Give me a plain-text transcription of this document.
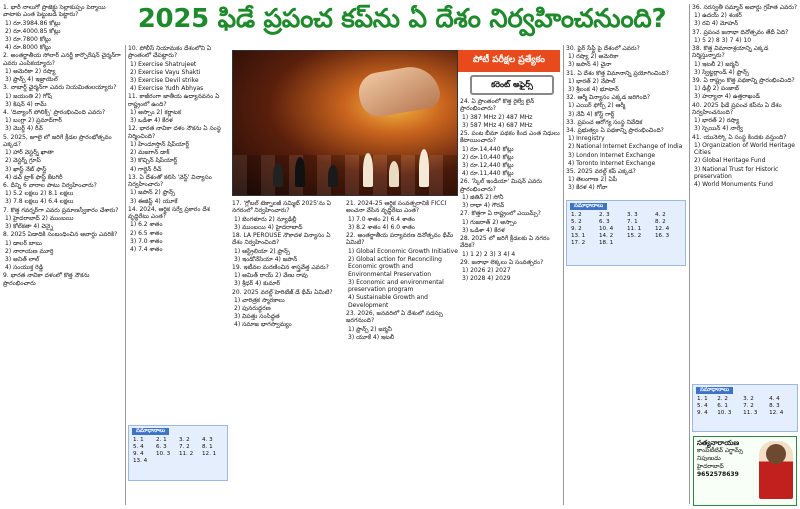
2025 ఫిడే ప్రపంచ కప్‌ను ఏ దేశం నిర్వహించనుంది?

1. భారీ నాలుగో ప్రాజెక్టు సెల్లాకుప్పం పెర్మాయి వాటాకు ఎంత పెట్టుబడి పెట్టారు?

1) రూ.3984.86 కోట్లు

2) రూ.4000.85 కోట్లు

3) రూ.7800 కోట్లు

4) రూ.8000 కోట్లు

2. అంతర్జాతీయ సోలార్ ఎనర్జీ కార్పొరేషన్ చైర్మన్‌గా ఎవరు ఎంపికయ్యారు?

1) అమెరికా 2) రష్యా

3) ఫ్రాన్స్ 4) ఇజ్రాయెల్

3. నాబార్డ్ ఛైర్మన్‌గా ఎవరు నియమితులయ్యారు?

1) జయంతి 2) గోష్

3) కిషన్ 4) రామ్

4. 'దివ్యాంగ్ పోలిక్స్' ప్రారంభించింది ఎవరు?

1) బంగ్లా 2) ప్రమాద్‌గార్

3) మొర్డ్ 4) రీవ్

5. 2025, జూలై లో జరిగే క్రీడల ప్రారంభోత్సవం ఎక్కడ?

1) హార్ వెస్టర్న్ ఖాతా

2) వెస్టర్న్ గ్రూప్

3) ఖాస్ట్ నేట్ ఫాస్ట్

4) డచ్ ట్రాక్ ఫాస్ట్ కేటగిరీ

6. దీన్ని 6 వారాల పాటు నిర్వహించారు?

1) 5.2 లక్షలు 2) 8.1 లక్షలు

3) 7.8 లక్షలు 4) 6.4 లక్షలు

7. కొత్త గవర్నర్‌గా ఎవరు ప్రమాణస్వీకారం చేశారు?

1) హైదరాబాద్ 2) ముంబయి

3) కోల్‌కతా 4) చెన్నై

8. 2025 ఏడాదికి సంబంధించిన అవార్డు ఎవరికి?

1) డాలర్ బాబు

2) నారాయణ మూర్తి

3) అనిత్ లాల్

4) సంయుక్త రెడ్డి

9. భారత నావికా దళంలో కొత్త నౌకను ప్రారంభించారు

10. పోలీస్ నియామకం దేశంలోని ఏ ప్రాంతంలో చేపట్టారు?

1) Exercise Shatrujeet

2) Exercise Vayu Shakti

3) Exercise Devil strike

4) Exercise Yudh Abhyas

11. కాజీరంగా జాతీయ ఉద్యానవనం ఏ రాష్ట్రంలో ఉంది?

1) అస్సాం 2) కర్ణాటక

3) ఒడిశా 4) కేరళ

12. భారత నావికా దళం నౌకను ఏ సంస్థ నిర్మించింది?

1) హిందూస్తాన్ షిప్‌యార్డ్

2) మజగాన్ డాక్

3) కొచ్చిన్ షిప్‌యార్డ్

4) గార్డెన్ రీచ్

13. ఏ దేశంతో కలిసి 'వెస్ట్' విన్యాసం నిర్వహించారు?

1) జపాన్ 2) ఫ్రాన్స్

3) ఈజిప్ట్ 4) యూకే

14. 2024, ఆర్థిక సర్వే ప్రకారం దేశ వృద్ధిరేటు ఎంత?

1) 6.2 శాతం

2) 6.5 శాతం

3) 7.0 శాతం

4) 7.4 శాతం

పోటీ పరీక్షల ప్రత్యేకం
కరెంట్ అఫైర్స్

17. 'గ్లోబల్ టెక్నాలజీ సమ్మిట్ 2025'ను ఏ నగరంలో నిర్వహించారు?

1) బెంగళూరు 2) న్యూఢిల్లీ

3) ముంబయి 4) హైదరాబాద్

18. LA PEROUSE నౌకాదళ విన్యాసం ఏ దేశం నిర్వహించింది?

1) ఆస్ట్రేలియా 2) ఫ్రాన్స్

3) ఇండోనేసియా 4) జపాన్

19. ఇటీవల మరణించిన శాస్త్రవేత్త ఎవరు?

1) అమిత్ రాయ్ 2) వేణు రావు

3) శ్రీధర్ 4) కుమార్

20. 2025 వరల్డ్ హెరిటేజ్ డే థీమ్ ఏమిటి?

1) చారిత్రక స్మారకాలు

2) పునరుద్ధరణ

3) విపత్తు సంసిద్ధత

4) సమాజ భాగస్వామ్యం

21. 2024-25 ఆర్థిక సంవత్సరానికి FICCI అంచనా వేసిన వృద్ధిరేటు ఎంత?

1) 7.0 శాతం 2) 6.4 శాతం

3) 8.2 శాతం 4) 6.0 శాతం

22. అంతర్జాతీయ పర్యావరణ దినోత్సవం థీమ్ ఏమిటి?

1) Global Economic Growth Initiative

2) Global action for Reconciling Economic growth and Environmental Preservation

3) Economic and environmental preservation program

4) Sustainable Growth and Development

23. 2026, జనవరిలో ఏ దేశంలో సదస్సు జరగనుంది?

1) ఫ్రాన్స్ 2) జర్మనీ

3) యూకే 4) ఇటలీ

24. ఏ ప్రాంతంలో కొత్త రైల్వే లైన్ ప్రారంభించారు?

1) 387 MHz 2) 487 MHz

3) 587 MHz 4) 687 MHz

25. పంట బీమా పథకం కింద ఎంత నిధులు కేటాయించారు?

1) రూ.14,440 కోట్లు

2) రూ.10,440 కోట్లు

3) రూ.12,440 కోట్లు

4) రూ.11,440 కోట్లు

26. 'స్కిల్ ఇండియా' మిషన్ ఎవరు ప్రారంభించారు?

1) జితిన్ 2) సోనీ

3) రాధా 4) గౌరవ్

27. కొత్తగా ఏ రాష్ట్రంలో ఎయిమ్స్?

1) గుజరాత్ 2) అస్సాం

3) ఒడిశా 4) కేరళ

28. 2025 లో జరిగే క్రీడలకు ఏ నగరం వేదిక?

1) 1 2) 2 3) 3 4) 4

29. జనాభా లెక్కలు ఏ సంవత్సరం?

1) 2026 2) 2027

3) 2028 4) 2029

30. ఫైర్ సేఫ్టీ పై దేశంలో ఎవరు?

1) రష్యా 2) అమెరికా

3) జపాన్ 4) చైనా

31. ఏ దేశం కొత్త విమానాన్ని ప్రయోగించింది?

1) భారత్ 2) నేపాల్

3) శ్రీలంక 4) భూటాన్

32. ఆర్మీ విన్యాసం ఎక్కడ జరిగింది?

1) ఎయిర్ ఫోర్స్ 2) ఆర్మీ

3) నేవీ 4) కోస్ట్ గార్డ్

33. ప్రపంచ ఆరోగ్య సంస్థ నివేదిక

34. ప్రభుత్వం ఏ పథకాన్ని ప్రారంభించింది?

1) Inregistry

2) National Internet Exchange of India

3) London Internet Exchange

4) Toronto Internet Exchange

35. 2025 వరల్డ్ కప్ ఎక్కడ?

1) తెలంగాణ 2) ఏపీ

3) కేరళ 4) గోవా

36. సరస్వతీ సమ్మాన్ అవార్డు గ్రహీత ఎవరు?

1) ఉదయ్ 2) శంకర్

3) రవి 4) మోహన్

37. ప్రపంచ జనాభా దినోత్సవం తేదీ ఏది?

1) 5 2) 8 3) 7 4) 10

38. కొత్త విమానాశ్రయాన్ని ఎక్కడ నిర్మిస్తున్నారు?

1) ఇటలీ 2) జర్మనీ

3) స్విట్జర్లాండ్ 4) ఫ్రాన్స్

39. ఏ రాష్ట్రం కొత్త పథకాన్ని ప్రారంభించింది?

1) ఢిల్లీ 2) పంజాబ్

3) హర్యానా 4) ఉత్తరాఖండ్

40. 2025 ఫిడే ప్రపంచ కప్‌ను ఏ దేశం నిర్వహించనుంది?

1) భారత్ 2) రష్యా

3) స్పెయిన్ 4) నార్వే

41. యునెస్కో ఏ సంస్థ కిందకు వస్తుంది?

1) Organization of World Heritage Cities

2) Global Heritage Fund

3) National Trust for Historic preservation

4) World Monuments Fund

సమాధానాలు
1. 1	2. 1	3. 2	4. 3
5. 4	6. 3	7. 2	8. 1
9. 4	10. 3	11. 2	12. 1
13. 4			
సమాధానాలు
1. 2	2. 3	3. 3	4. 2
5. 2	6. 3	7. 1	8. 2
9. 2	10. 4	11. 1	12. 4
13. 1	14. 2	15. 2	16. 3
17. 2	18. 1		
సమాధానాలు
1. 1	2. 2	3. 2	4. 4
5. 4	6. 1	7. 2	8. 3
9. 4	10. 3	11. 3	12. 4
సత్యనారాయణ
కాంపిటీటివ్ ఎగ్జామ్స్ నిపుణుడు
హైదరాబాద్
9652578639
